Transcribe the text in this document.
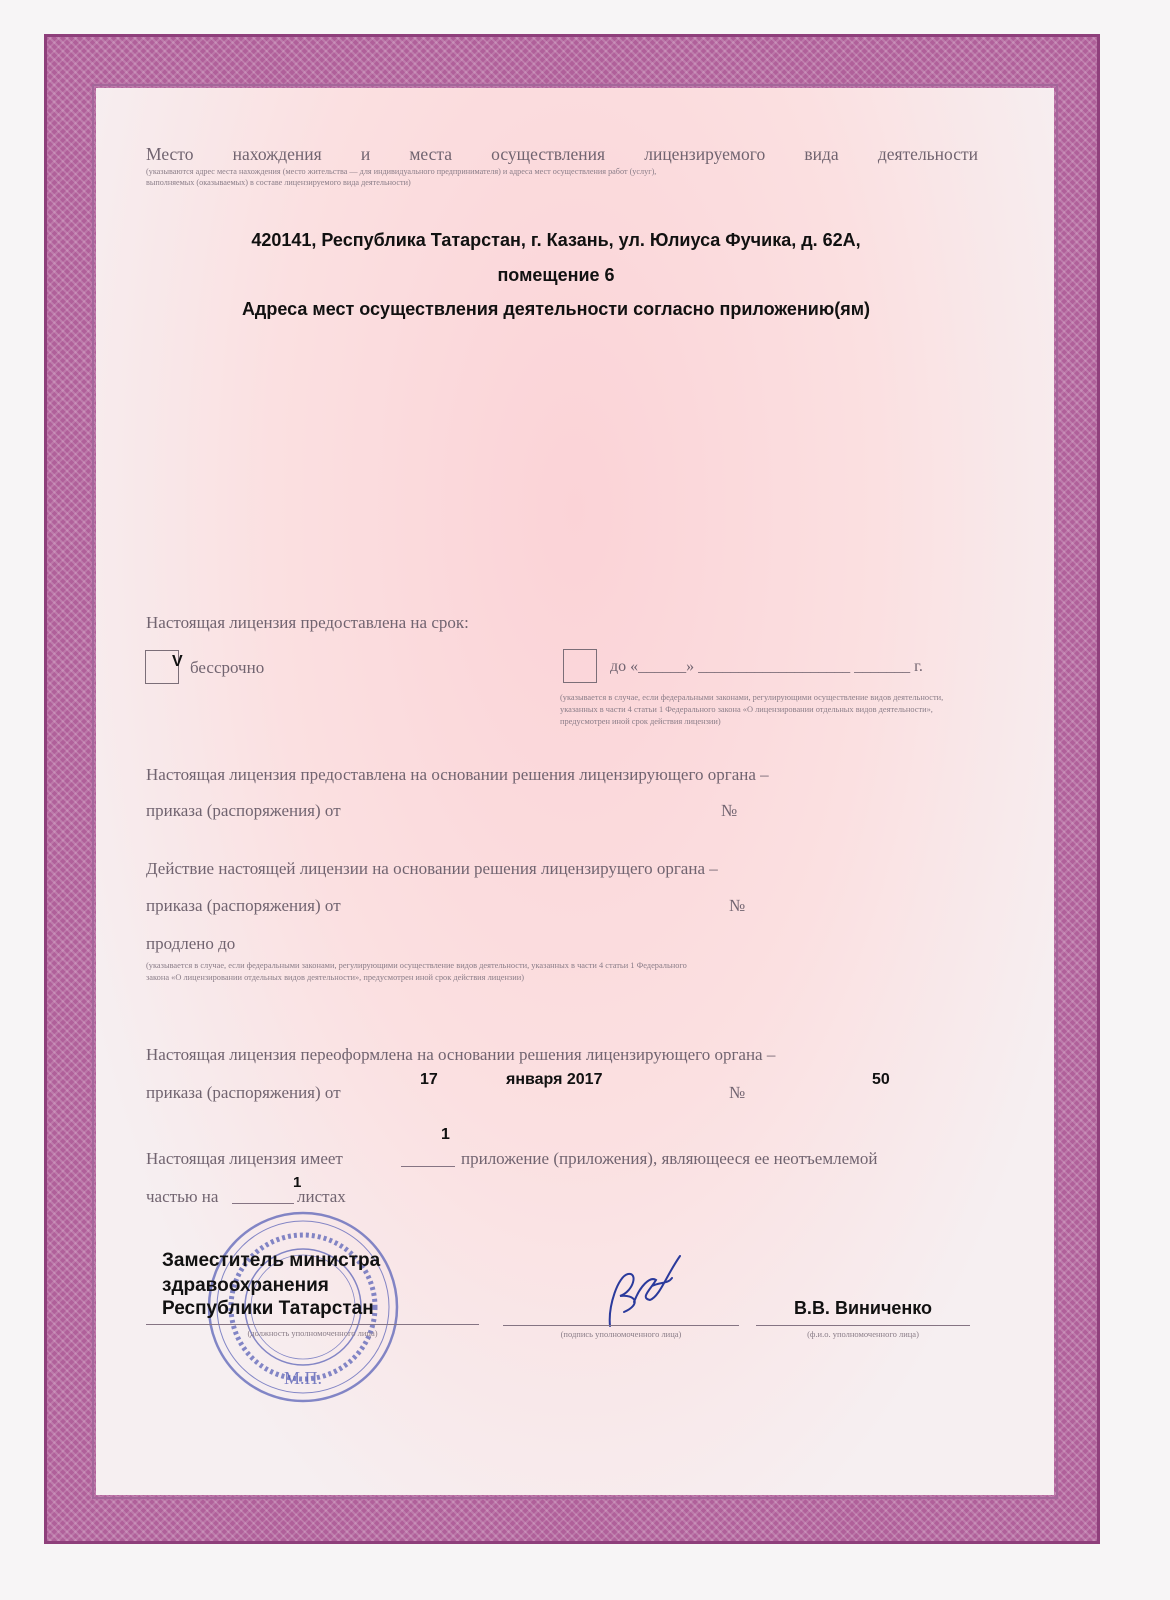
Место нахождения и места осуществления лицензируемого вида деятельности
(указываются адрес места нахождения (место жительства — для индивидуального предпринимателя) и адреса мест осуществления работ (услуг),
выполняемых (оказываемых) в составе лицензируемого вида деятельности)
420141, Республика Татарстан, г. Казань, ул. Юлиуса Фучика, д. 62А,
помещение 6
Адреса мест осуществления деятельности согласно приложению(ям)
Настоящая лицензия предоставлена на срок:
V бессрочно	до «______» ___________________ _______ г.
(указывается в случае, если федеральными законами, регулирующими осуществление видов деятельности, указанных в части 4 статьи 1 Федерального закона «О лицензировании отдельных видов деятельности», предусмотрен иной срок действия лицензии)
Настоящая лицензия предоставлена на основании решения лицензирующего органа –
приказа (распоряжения) от	№
Действие настоящей лицензии на основании решения лицензирущего органа –
приказа (распоряжения) от	№
продлено до
(указывается в случае, если федеральными законами, регулирующими осуществление видов деятельности, указанных в части 4 статьи 1 Федерального закона «О лицензировании отдельных видов деятельности», предусмотрен иной срок действия лицензии)
Настоящая лицензия переоформлена на основании решения лицензирующего органа –
приказа (распоряжения) от
17	января 2017
№
50
Настоящая лицензия имеет
1
приложение (приложения), являющееся ее неотъемлемой
частью на
1
листах
М.П.
Заместитель министра
здравоохранения
Республики Татарстан
(должность уполномоченного лица)	(подпись уполномоченного лица)
В.В. Виниченко
(ф.и.о. уполномоченного лица)
